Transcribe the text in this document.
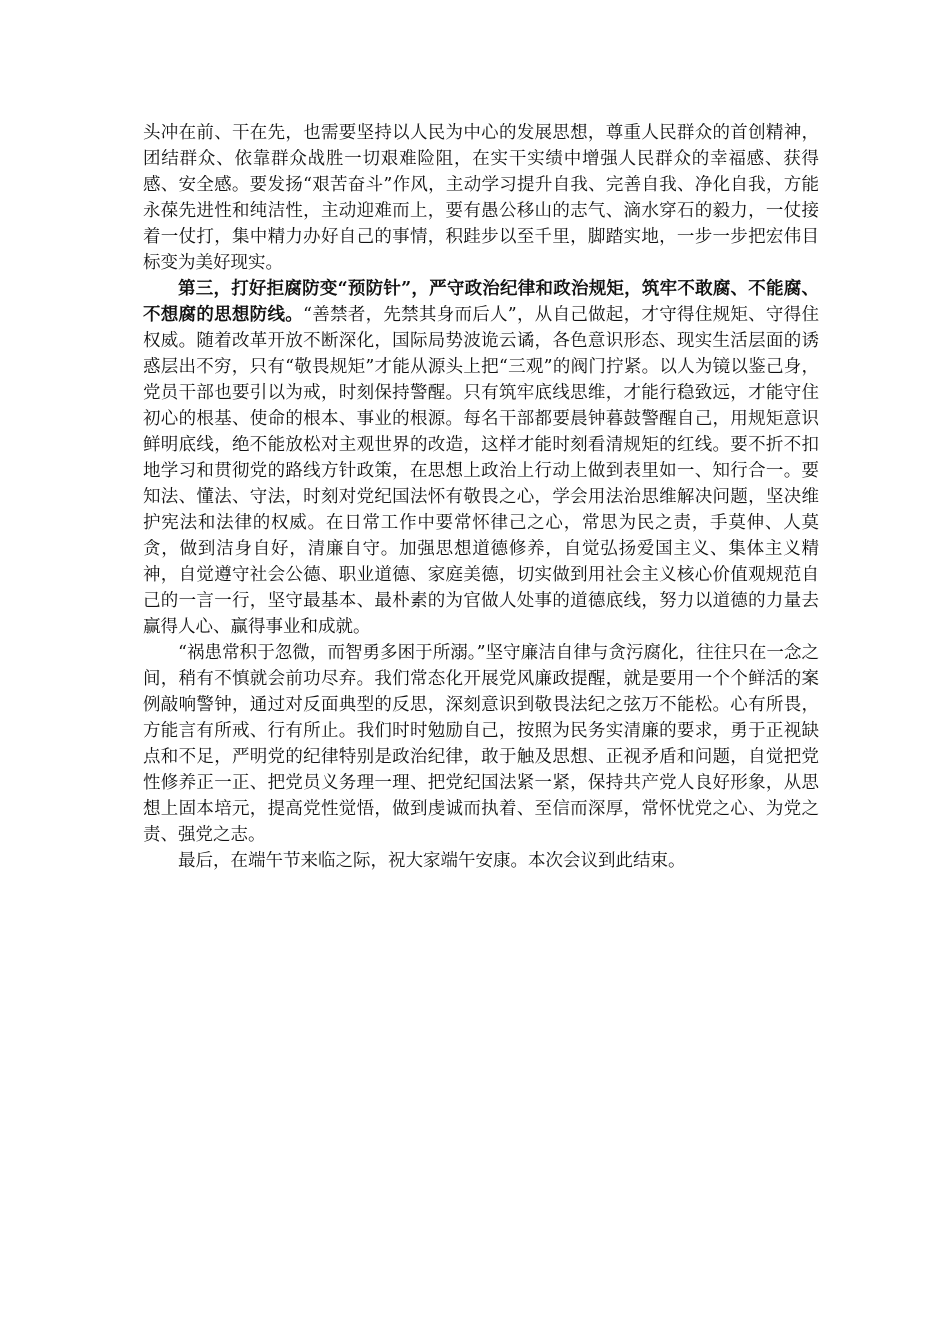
头冲在前、干在先，也需要坚持以人民为中心的发展思想，尊重人民群众的首创精神，团结群众、依靠群众战胜一切艰难险阻，在实干实绩中增强人民群众的幸福感、获得感、安全感。要发扬“艰苦奋斗”作风，主动学习提升自我、完善自我、净化自我，方能永葆先进性和纯洁性，主动迎难而上，要有愚公移山的志气、滴水穿石的毅力，一仗接着一仗打，集中精力办好自己的事情，积跬步以至千里，脚踏实地，一步一步把宏伟目标变为美好现实。

第三，打好拒腐防变“预防针”，严守政治纪律和政治规矩，筑牢不敢腐、不能腐、不想腐的思想防线。“善禁者，先禁其身而后人”，从自己做起，才守得住规矩、守得住权威。随着改革开放不断深化，国际局势波诡云谲，各色意识形态、现实生活层面的诱惑层出不穷，只有“敬畏规矩”才能从源头上把“三观”的阀门拧紧。以人为镜以鉴己身，党员干部也要引以为戒，时刻保持警醒。只有筑牢底线思维，才能行稳致远，才能守住初心的根基、使命的根本、事业的根源。每名干部都要晨钟暮鼓警醒自己，用规矩意识鲜明底线，绝不能放松对主观世界的改造，这样才能时刻看清规矩的红线。要不折不扣地学习和贯彻党的路线方针政策，在思想上政治上行动上做到表里如一、知行合一。要知法、懂法、守法，时刻对党纪国法怀有敬畏之心，学会用法治思维解决问题，坚决维护宪法和法律的权威。在日常工作中要常怀律己之心，常思为民之责，手莫伸、人莫贪，做到洁身自好，清廉自守。加强思想道德修养，自觉弘扬爱国主义、集体主义精神，自觉遵守社会公德、职业道德、家庭美德，切实做到用社会主义核心价值观规范自己的一言一行，坚守最基本、最朴素的为官做人处事的道德底线，努力以道德的力量去赢得人心、赢得事业和成就。

“祸患常积于忽微，而智勇多困于所溺。”坚守廉洁自律与贪污腐化，往往只在一念之间，稍有不慎就会前功尽弃。我们常态化开展党风廉政提醒，就是要用一个个鲜活的案例敲响警钟，通过对反面典型的反思，深刻意识到敬畏法纪之弦万不能松。心有所畏，方能言有所戒、行有所止。我们时时勉励自己，按照为民务实清廉的要求，勇于正视缺点和不足，严明党的纪律特别是政治纪律，敢于触及思想、正视矛盾和问题，自觉把党性修养正一正、把党员义务理一理、把党纪国法紧一紧，保持共产党人良好形象，从思想上固本培元，提高党性觉悟，做到虔诚而执着、至信而深厚，常怀忧党之心、为党之责、强党之志。

最后，在端午节来临之际，祝大家端午安康。本次会议到此结束。
